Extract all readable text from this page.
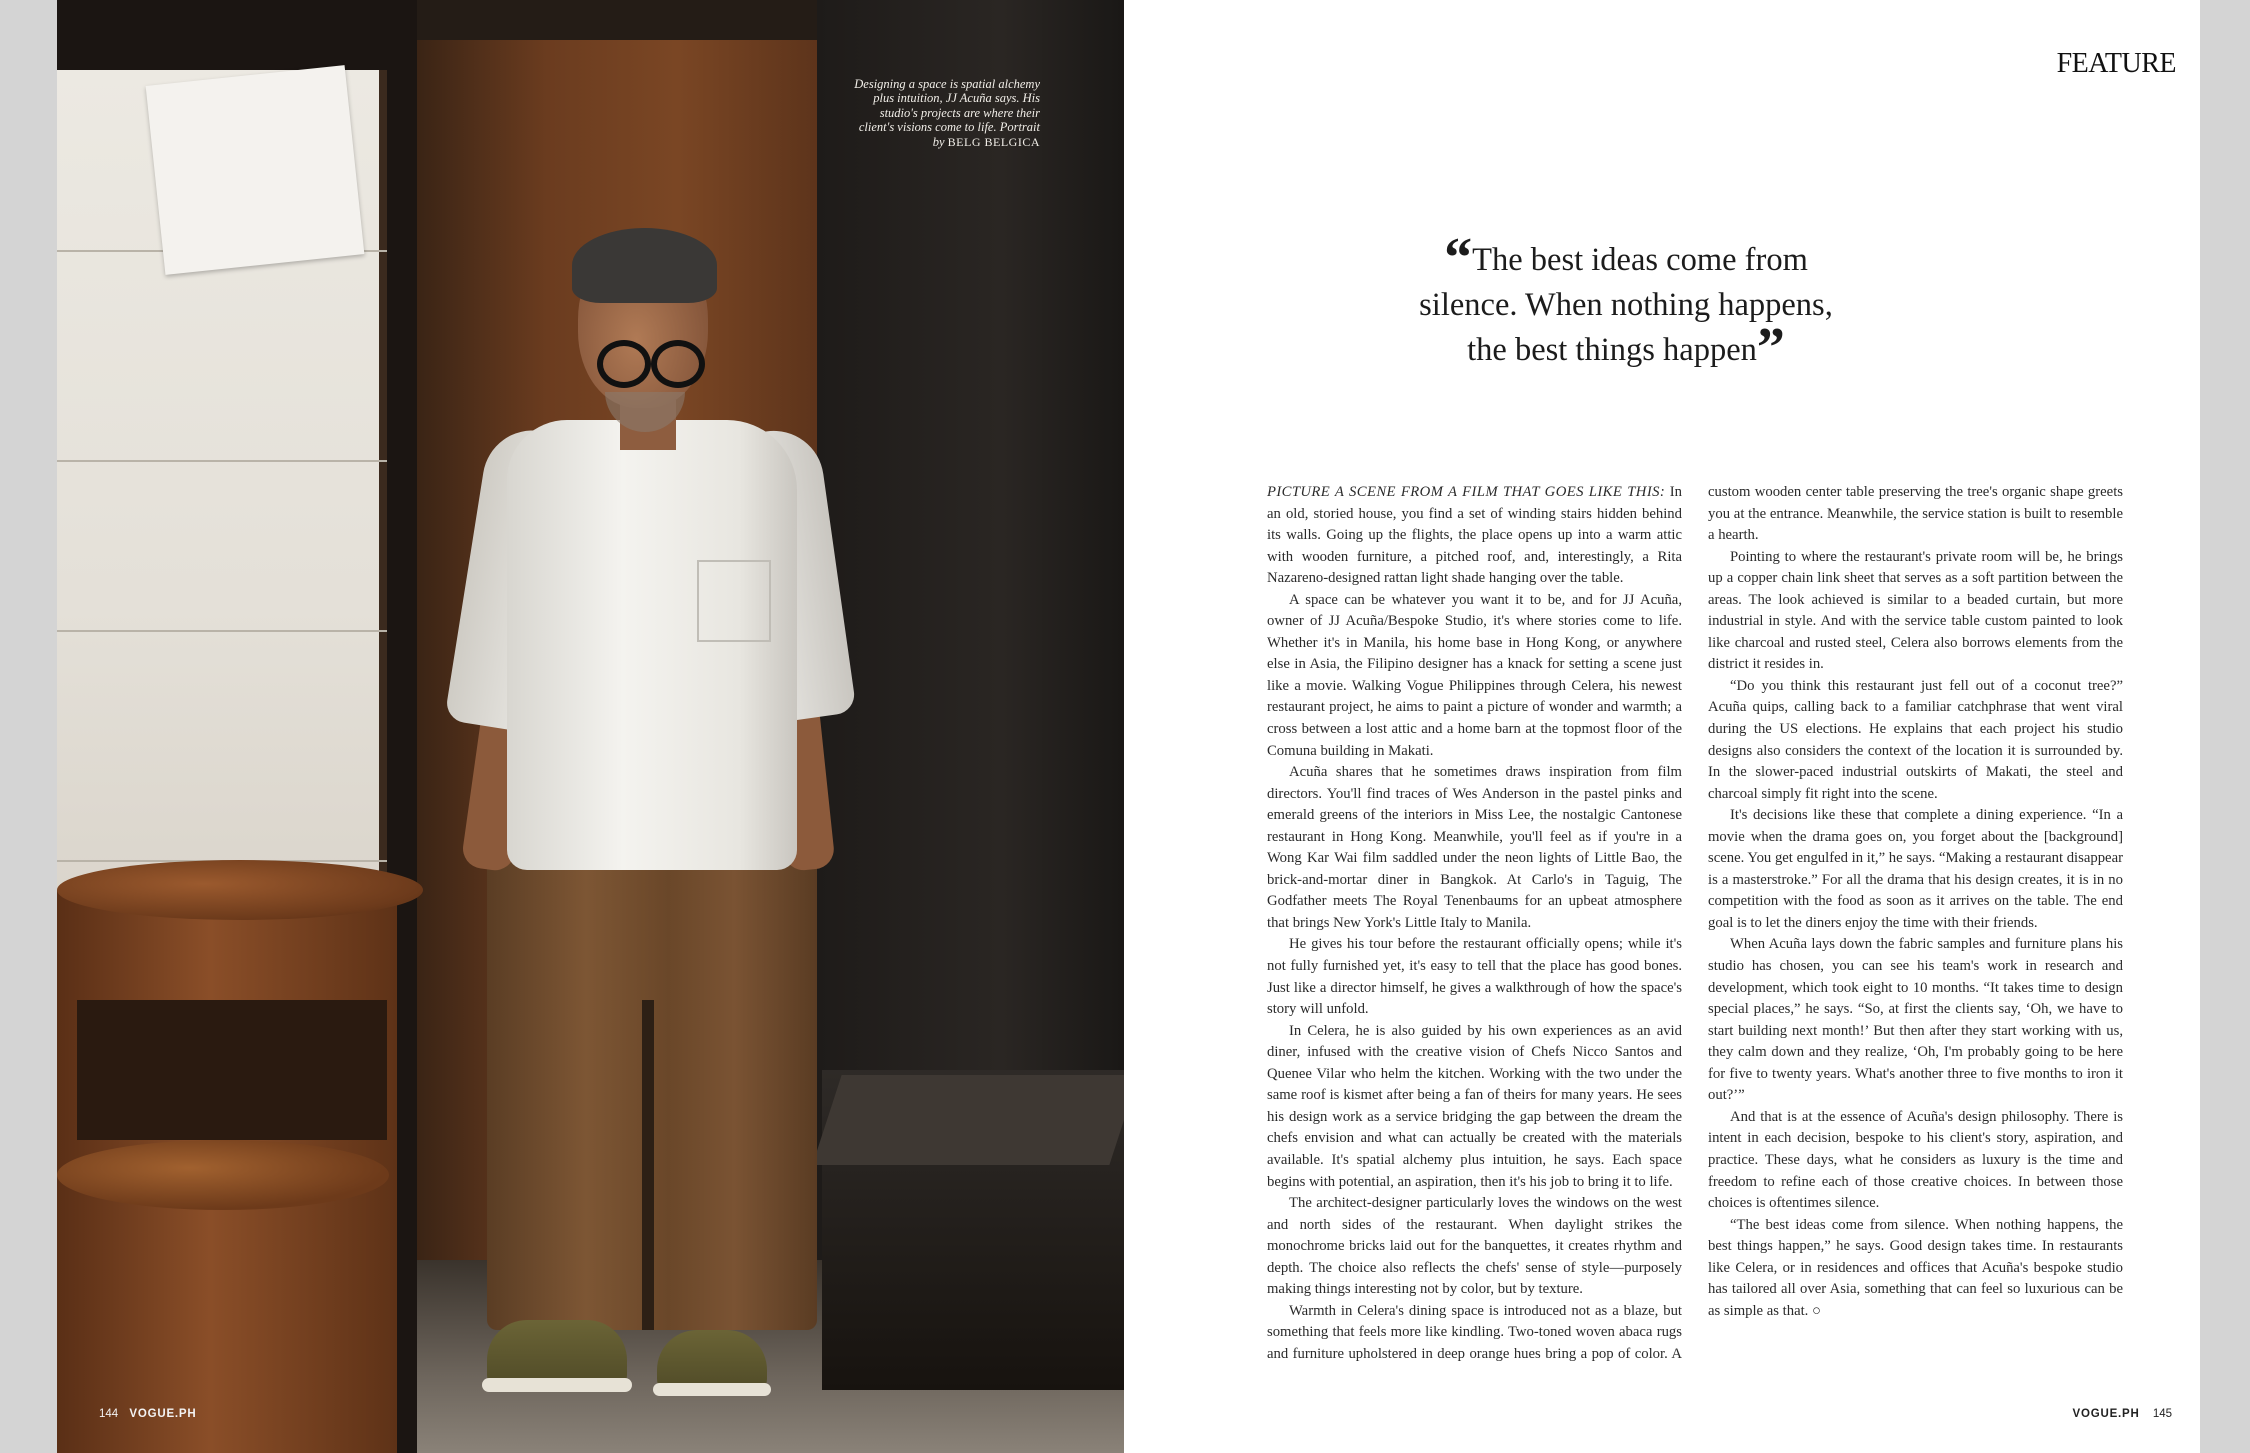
Designing a space is spatial alchemy plus intuition, JJ Acuña says. His studio's projects are where their client's visions come to life. Portrait
by BELG BELGICA
144 VOGUE.PH
FEATURE
“The best ideas come from silence. When nothing happens, the best things happen”

PICTURE A SCENE FROM A FILM THAT GOES LIKE THIS: In an old, storied house, you find a set of winding stairs hidden behind its walls. Going up the flights, the place opens up into a warm attic with wooden furniture, a pitched roof, and, interestingly, a Rita Nazareno-designed rattan light shade hanging over the table.

A space can be whatever you want it to be, and for JJ Acuña, owner of JJ Acuña/Bespoke Studio, it's where stories come to life. Whether it's in Manila, his home base in Hong Kong, or anywhere else in Asia, the Filipino designer has a knack for setting a scene just like a movie. Walking Vogue Philippines through Celera, his newest restaurant project, he aims to paint a picture of wonder and warmth; a cross between a lost attic and a home barn at the topmost floor of the Comuna building in Makati.

Acuña shares that he sometimes draws inspiration from film directors. You'll find traces of Wes Anderson in the pastel pinks and emerald greens of the interiors in Miss Lee, the nostalgic Cantonese restaurant in Hong Kong. Meanwhile, you'll feel as if you're in a Wong Kar Wai film saddled under the neon lights of Little Bao, the brick-and-mortar diner in Bangkok. At Carlo's in Taguig, The Godfather meets The Royal Tenenbaums for an upbeat atmosphere that brings New York's Little Italy to Manila.

He gives his tour before the restaurant officially opens; while it's not fully furnished yet, it's easy to tell that the place has good bones. Just like a director himself, he gives a walkthrough of how the space's story will unfold.

In Celera, he is also guided by his own experiences as an avid diner, infused with the creative vision of Chefs Nicco Santos and Quenee Vilar who helm the kitchen. Working with the two under the same roof is kismet after being a fan of theirs for many years. He sees his design work as a service bridging the gap between the dream the chefs envision and what can actually be created with the materials available. It's spatial alchemy plus intuition, he says. Each space begins with potential, an aspiration, then it's his job to bring it to life.

The architect-designer particularly loves the windows on the west and north sides of the restaurant. When daylight strikes the monochrome bricks laid out for the banquettes, it creates rhythm and depth. The choice also reflects the chefs' sense of style—purposely making things interesting not by color, but by texture.

Warmth in Celera's dining space is introduced not as a blaze, but something that feels more like kindling. Two-toned woven abaca rugs and furniture upholstered in deep orange hues bring a pop of color. A custom wooden center table preserving the tree's organic shape greets you at the entrance. Meanwhile, the service station is built to resemble a hearth.

Pointing to where the restaurant's private room will be, he brings up a copper chain link sheet that serves as a soft partition between the areas. The look achieved is similar to a beaded curtain, but more industrial in style. And with the service table custom painted to look like charcoal and rusted steel, Celera also borrows elements from the district it resides in.

“Do you think this restaurant just fell out of a coconut tree?” Acuña quips, calling back to a familiar catchphrase that went viral during the US elections. He explains that each project his studio designs also considers the context of the location it is surrounded by. In the slower-paced industrial outskirts of Makati, the steel and charcoal simply fit right into the scene.

It's decisions like these that complete a dining experience. “In a movie when the drama goes on, you forget about the [background] scene. You get engulfed in it,” he says. “Making a restaurant disappear is a masterstroke.” For all the drama that his design creates, it is in no competition with the food as soon as it arrives on the table. The end goal is to let the diners enjoy the time with their friends.

When Acuña lays down the fabric samples and furniture plans his studio has chosen, you can see his team's work in research and development, which took eight to 10 months. “It takes time to design special places,” he says. “So, at first the clients say, ‘Oh, we have to start building next month!’ But then after they start working with us, they calm down and they realize, ‘Oh, I'm probably going to be here for five to twenty years. What's another three to five months to iron it out?’”

And that is at the essence of Acuña's design philosophy. There is intent in each decision, bespoke to his client's story, aspiration, and practice. These days, what he considers as luxury is the time and freedom to refine each of those creative choices. In between those choices is oftentimes silence.

“The best ideas come from silence. When nothing happens, the best things happen,” he says. Good design takes time. In restaurants like Celera, or in residences and offices that Acuña's bespoke studio has tailored all over Asia, something that can feel so luxurious can be as simple as that. ○

VOGUE.PH 145
